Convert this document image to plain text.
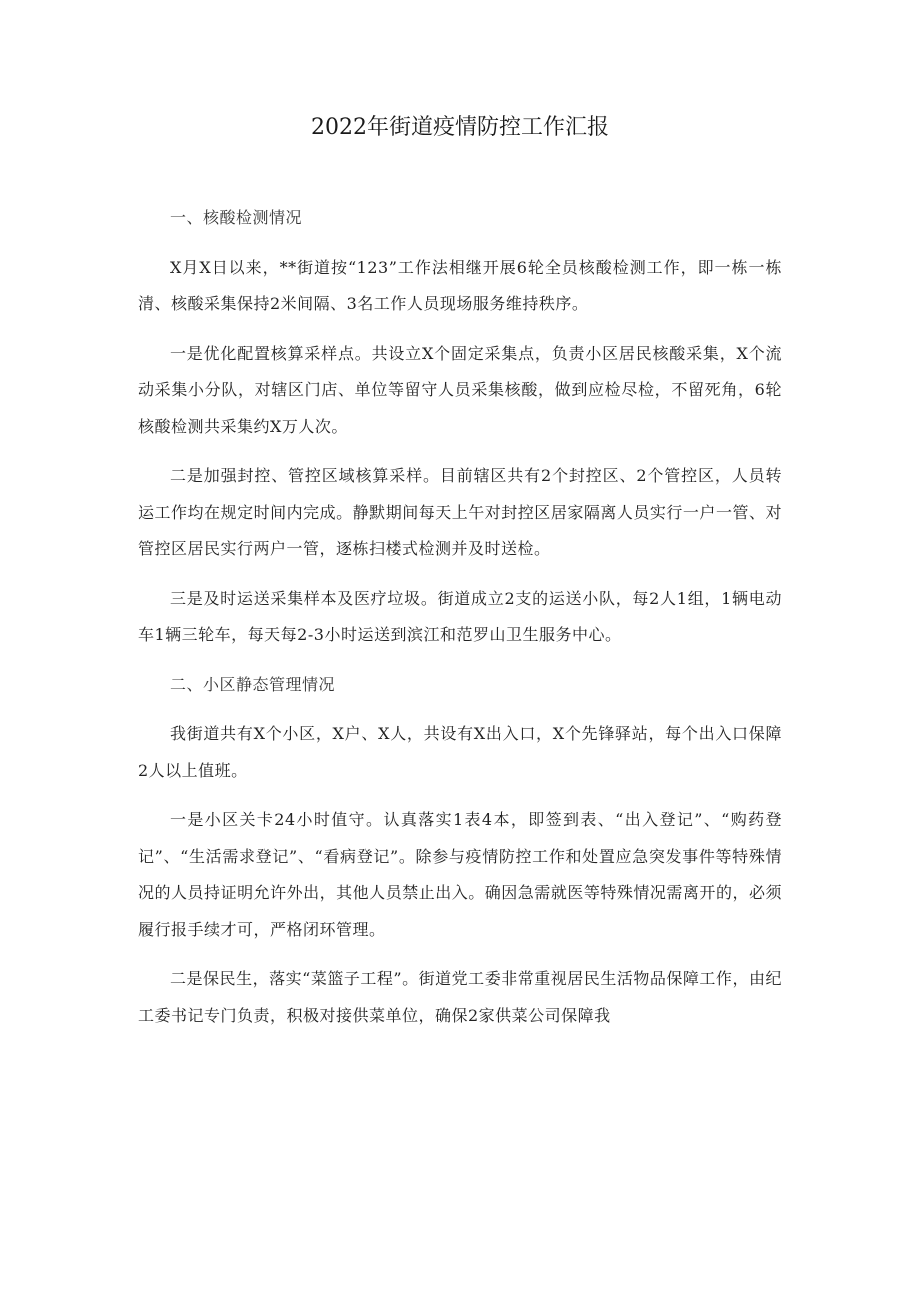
2022年街道疫情防控工作汇报

一、核酸检测情况

X月X日以来，**街道按“123”工作法相继开展6轮全员核酸检测工作，即一栋一栋清、核酸采集保持2米间隔、3名工作人员现场服务维持秩序。

一是优化配置核算采样点。共设立X个固定采集点，负责小区居民核酸采集，X个流动采集小分队，对辖区门店、单位等留守人员采集核酸，做到应检尽检，不留死角，6轮核酸检测共采集约X万人次。

二是加强封控、管控区域核算采样。目前辖区共有2个封控区、2个管控区，人员转运工作均在规定时间内完成。静默期间每天上午对封控区居家隔离人员实行一户一管、对管控区居民实行两户一管，逐栋扫楼式检测并及时送检。

三是及时运送采集样本及医疗垃圾。街道成立2支的运送小队，每2人1组，1辆电动车1辆三轮车，每天每2-3小时运送到滨江和范罗山卫生服务中心。

二、小区静态管理情况

我街道共有X个小区，X户、X人，共设有X出入口，X个先锋驿站，每个出入口保障2人以上值班。

一是小区关卡24小时值守。认真落实1表4本，即签到表、“出入登记”、“购药登记”、“生活需求登记”、“看病登记”。除参与疫情防控工作和处置应急突发事件等特殊情况的人员持证明允许外出，其他人员禁止出入。确因急需就医等特殊情况需离开的，必须履行报手续才可，严格闭环管理。

二是保民生，落实“菜篮子工程”。街道党工委非常重视居民生活物品保障工作，由纪工委书记专门负责，积极对接供菜单位，确保2家供菜公司保障我
